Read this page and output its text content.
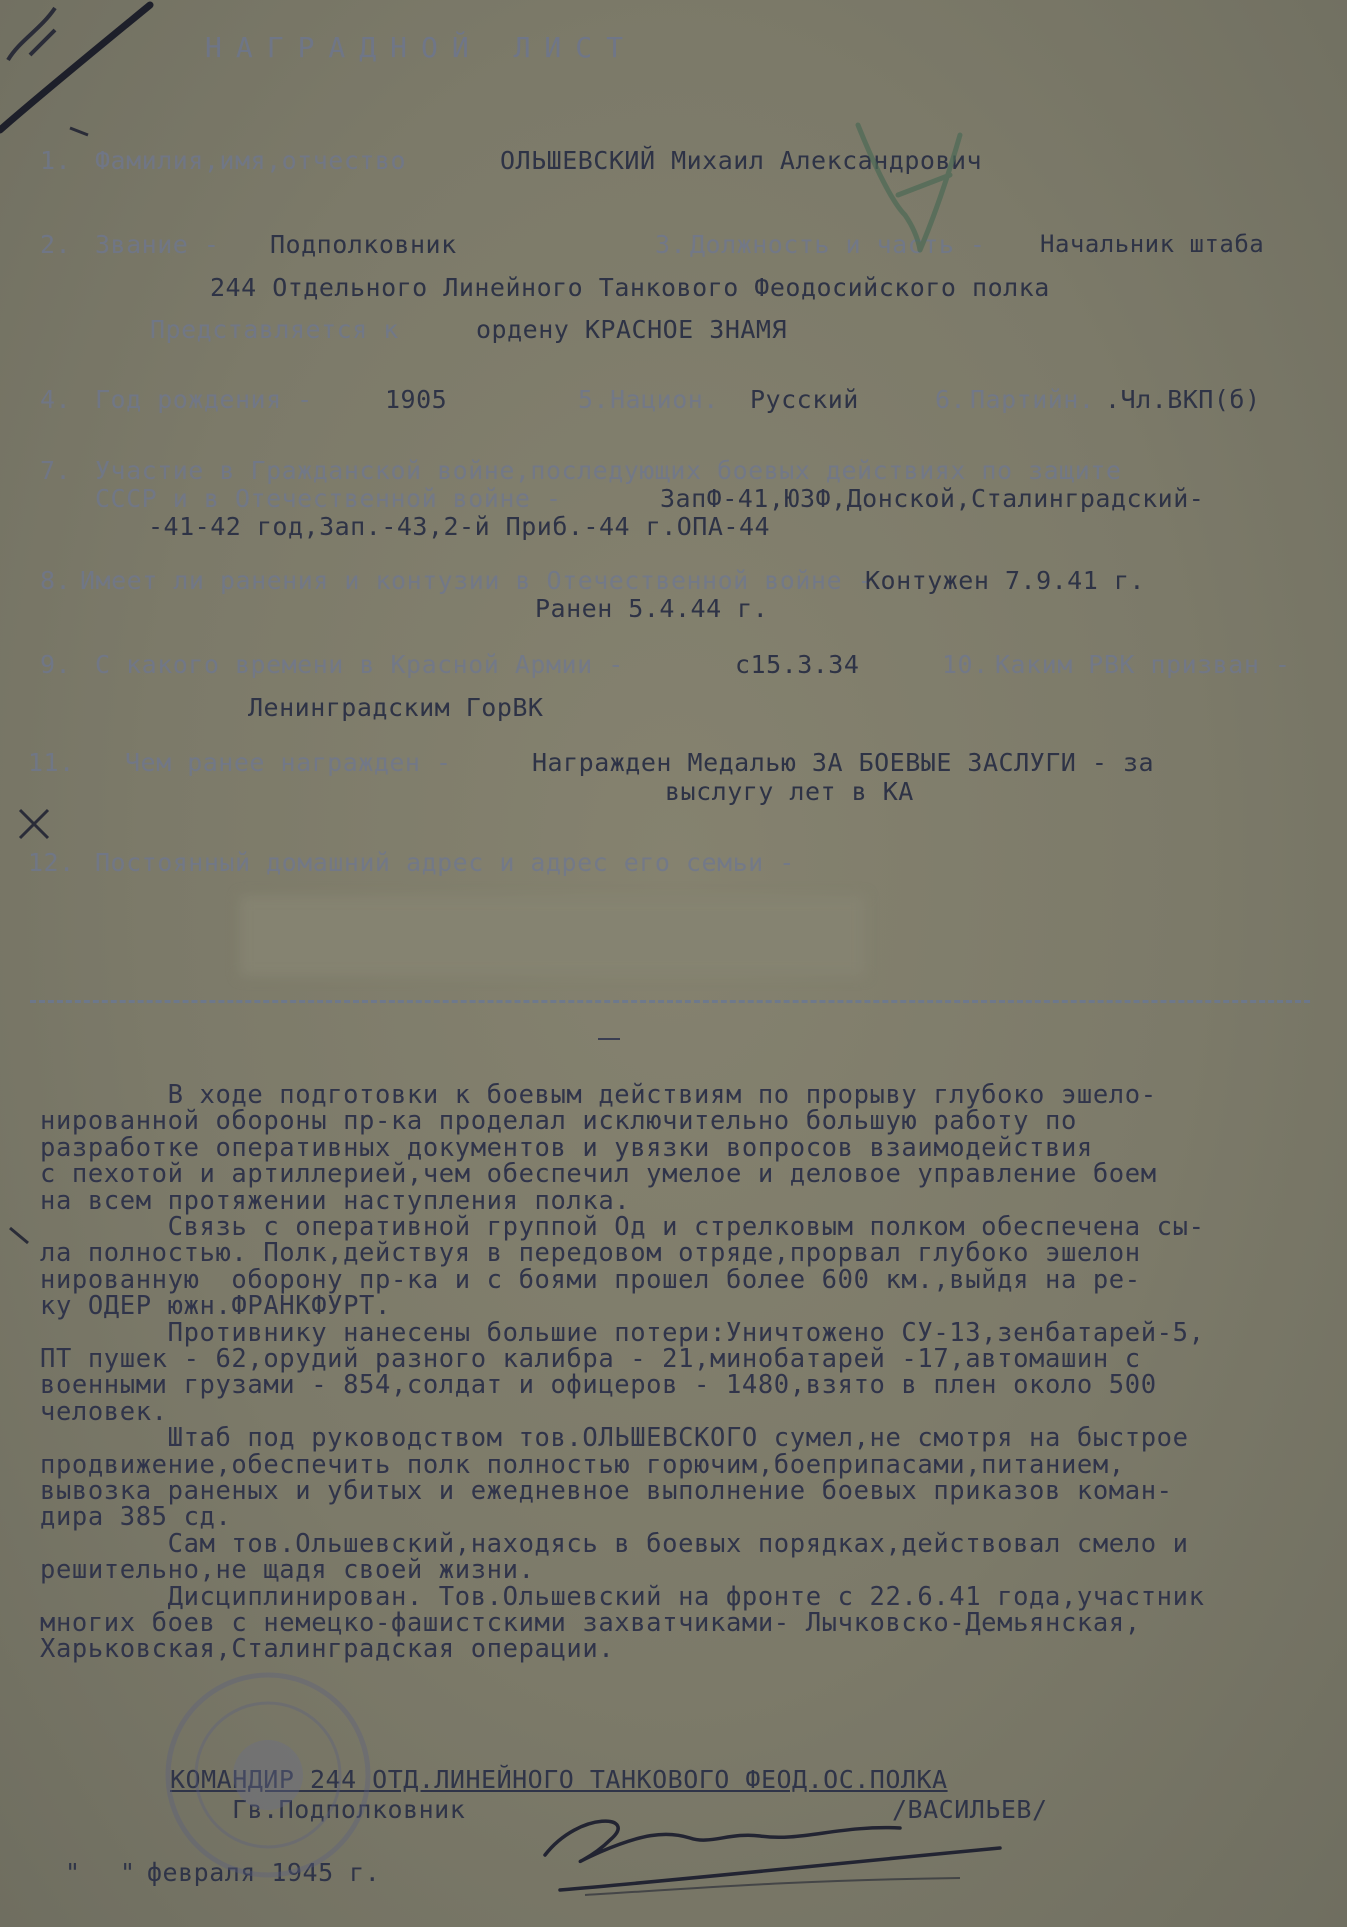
НАГРАДНОЙ ЛИСТ
1. Фамилия,имя,отчество	ОЛЬШЕВСКИЙ Михаил Александрович
2. Звание - Подполковник	3. Должность и часть - Начальник штаба
244 Отдельного Линейного Танкового Феодосийского полка
Представляется к	ордену КРАСНОЕ ЗНАМЯ
4. Год рождения -	1905	5. Национ. Русский	6. Партийн. .Чл.ВКП(б)
7. Участие в Гражданской войне,последующих боевых действиях по защите
СССР и в Отечественной войне -	ЗапФ-41,ЮЗФ,Донской,Сталинградский-
-41-42 год,Зап.-43,2-й Приб.-44 г.ОПА-44
8. Имеет ли ранения и контузии в Отечественной войне -
Контужен 7.9.41 г.
Ранен 5.4.44 г.
9. С какого времени в Красной Армии -	с15.3.34	10. Каким РВК призван -
Ленинградским ГорВК
11. Чем ранее награжден -	Награжден Медалью ЗА БОЕВЫЕ ЗАСЛУГИ - за
выслугу лет в КА
12. Постоянный домашний адрес и адрес его семьи -
В ходе подготовки к боевым действиям по прорыву глубоко эшело-
нированной обороны пр-ка проделал исключительно большую работу по
разработке оперативных документов и увязки вопросов взаимодействия
с пехотой и артиллерией,чем обеспечил умелое и деловое управление боем
на всем протяжении наступления полка.
Связь с оперативной группой Од и стрелковым полком обеспечена сы-
ла полностью. Полк,действуя в передовом отряде,прорвал глубоко эшелон
нированную  оборону пр-ка и с боями прошел более 600 км.,выйдя на ре-
ку ОДЕР южн.ФРАНКФУРТ.
Противнику нанесены большие потери:Уничтожено СУ-13,зенбатарей-5,
ПТ пушек - 62,орудий разного калибра - 21,минобатарей -17,автомашин с
военными грузами - 854,солдат и офицеров - 1480,взято в плен около 500
человек.
Штаб под руководством тов.ОЛЬШЕВСКОГО сумел,не смотря на быстрое
продвижение,обеспечить полк полностью горючим,боеприпасами,питанием,
вывозка раненых и убитых и ежедневное выполнение боевых приказов коман-
дира 385 сд.
Сам тов.Ольшевский,находясь в боевых порядках,действовал смело и
решительно,не щадя своей жизни.
Дисциплинирован. Тов.Ольшевский на фронте с 22.6.41 года,участник
многих боев с немецко-фашистскими захватчиками- Лычковско-Демьянская,
Харьковская,Сталинградская операции.
КОМАНДИР 244 ОТД.ЛИНЕЙНОГО ТАНКОВОГО ФЕОД.ОС.ПОЛКА
Гв.Подполковник	/ВАСИЛЬЕВ/
" " февраля 1945 г.
